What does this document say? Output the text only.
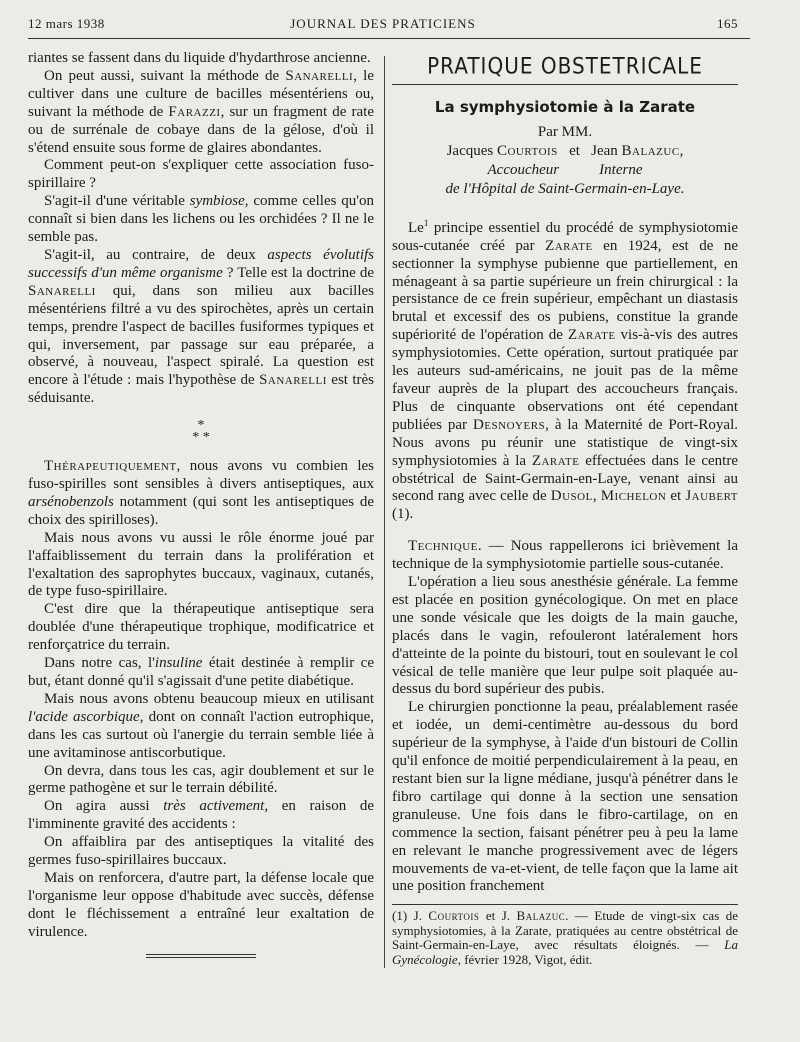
12 mars 1938	JOURNAL DES PRATICIENS	165

riantes se fassent dans du liquide d'hydarthrose ancienne.

On peut aussi, suivant la méthode de Sanarelli, le cultiver dans une culture de bacilles mésentériens ou, suivant la méthode de Farazzi, sur un fragment de rate ou de surrénale de cobaye dans de la gélose, d'où il s'étend ensuite sous forme de glaires abondantes.

Comment peut-on s'expliquer cette association fuso-spirillaire ?

S'agit-il d'une véritable symbiose, comme celles qu'on connaît si bien dans les lichens ou les orchidées ? Il ne le semble pas.

S'agit-il, au contraire, de deux aspects évolutifs successifs d'un même organisme ? Telle est la doctrine de Sanarelli qui, dans son milieu aux bacilles mésentériens filtré a vu des spirochètes, après un certain temps, prendre l'aspect de bacilles fusiformes typiques et qui, inversement, par passage sur eau préparée, a observé, à nouveau, l'aspect spiralé. La question est encore à l'étude : mais l'hypothèse de Sanarelli est très séduisante.

*
* *

Thérapeutiquement, nous avons vu combien les fuso-spirilles sont sensibles à divers antiseptiques, aux arsénobenzols notamment (qui sont les antiseptiques de choix des spirilloses).

Mais nous avons vu aussi le rôle énorme joué par l'affaiblissement du terrain dans la prolifération et l'exaltation des saprophytes buccaux, vaginaux, cutanés, de type fuso-spirillaire.

C'est dire que la thérapeutique antiseptique sera doublée d'une thérapeutique trophique, modificatrice et renforçatrice du terrain.

Dans notre cas, l'insuline était destinée à remplir ce but, étant donné qu'il s'agissait d'une petite diabétique.

Mais nous avons obtenu beaucoup mieux en utilisant l'acide ascorbique, dont on connaît l'action eutrophique, dans les cas surtout où l'anergie du terrain semble liée à une avitaminose antiscorbutique.

On devra, dans tous les cas, agir doublement et sur le germe pathogène et sur le terrain débilité.

On agira aussi très activement, en raison de l'imminente gravité des accidents :

On affaiblira par des antiseptiques la vitalité des germes fuso-spirillaires buccaux.

Mais on renforcera, d'autre part, la défense locale que l'organisme leur oppose d'habitude avec succès, défense dont le fléchissement a entraîné leur exaltation de virulence.

PRATIQUE OBSTETRICALE
La symphysiotomie à la Zarate
Par MM.
Jacques Courtois et Jean Balazuc,
Accoucheur	Interne
de l'Hôpital de Saint-Germain-en-Laye.

Le$^1$ principe essentiel du procédé de symphysiotomie sous-cutanée créé par Zarate en 1924, est de ne sectionner la symphyse pubienne que partiellement, en ménageant à sa partie supérieure un frein chirurgical : la persistance de ce frein supérieur, empêchant un diastasis brutal et excessif des os pubiens, constitue la grande supériorité de l'opération de Zarate vis-à-vis des autres symphysiotomies. Cette opération, surtout pratiquée par les auteurs sud-américains, ne jouit pas de la même faveur auprès de la plupart des accoucheurs français. Plus de cinquante observations ont été cependant publiées par Desnoyers, à la Maternité de Port-Royal. Nous avons pu réunir une statistique de vingt-six symphysiotomies à la Zarate effectuées dans le centre obstétrical de Saint-Germain-en-Laye, venant ainsi au second rang avec celle de Dusol, Michelon et Jaubert (1).

Technique. — Nous rappellerons ici brièvement la technique de la symphysiotomie partielle sous-cutanée.

L'opération a lieu sous anesthésie générale. La femme est placée en position gynécologique. On met en place une sonde vésicale que les doigts de la main gauche, placés dans le vagin, refouleront latéralement hors d'atteinte de la pointe du bistouri, tout en soulevant le col vésical de telle manière que leur pulpe soit plaquée au-dessus du bord supérieur des pubis.

Le chirurgien ponctionne la peau, préalablement rasée et iodée, un demi-centimètre au-dessous du bord supérieur de la symphyse, à l'aide d'un bistouri de Collin qu'il enfonce de moitié perpendiculairement à la peau, en restant bien sur la ligne médiane, jusqu'à pénétrer dans le fibro cartilage qui donne à la section une sensation granuleuse. Une fois dans le fibro-cartilage, on en commence la section, faisant pénétrer peu à peu la lame en relevant le manche progressivement avec de légers mouvements de va-et-vient, de telle façon que la lame ait une position franchement

(1) J. Courtois et J. Balazuc. — Etude de vingt-six cas de symphysiotomies, à la Zarate, pratiquées au centre obstétrical de Saint-Germain-en-Laye, avec résultats éloignés. — La Gynécologie, février 1928, Vigot, édit.
